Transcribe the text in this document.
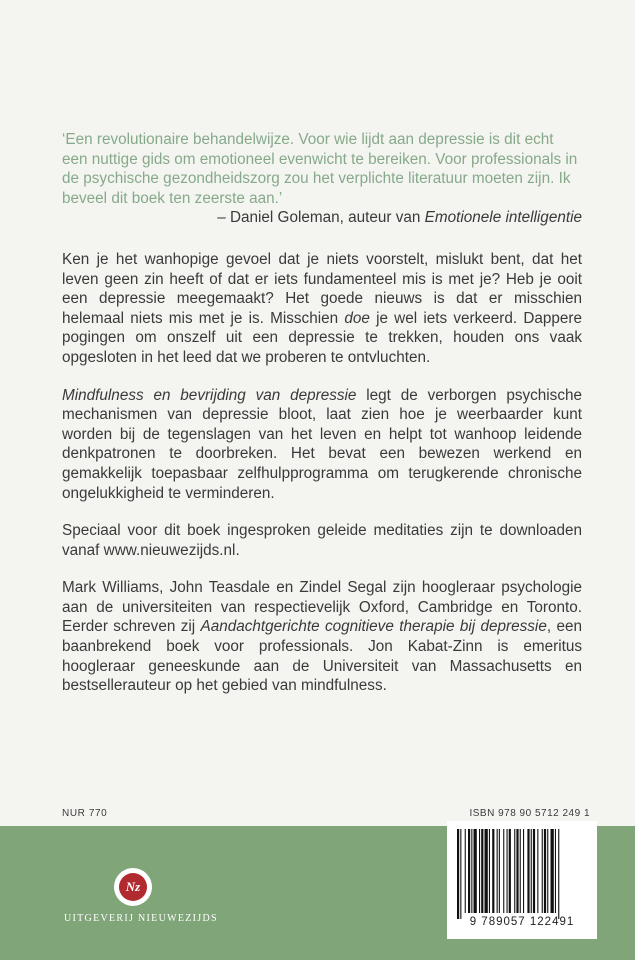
‘Een revolutionaire behandelwijze. Voor wie lijdt aan depressie is dit echt een nuttige gids om emotioneel evenwicht te bereiken. Voor professionals in de psychische gezondheidszorg zou het verplichte literatuur moeten zijn. Ik beveel dit boek ten zeerste aan.’
– Daniel Goleman, auteur van Emotionele intelligentie
Ken je het wanhopige gevoel dat je niets voorstelt, mislukt bent, dat het leven geen zin heeft of dat er iets fundamenteel mis is met je? Heb je ooit een depressie meegemaakt? Het goede nieuws is dat er misschien helemaal niets mis met je is. Misschien doe je wel iets verkeerd. Dappere pogingen om onszelf uit een depressie te trekken, houden ons vaak opgesloten in het leed dat we proberen te ontvluchten.
Mindfulness en bevrijding van depressie legt de verborgen psychische mechanismen van depressie bloot, laat zien hoe je weerbaarder kunt worden bij de tegenslagen van het leven en helpt tot wanhoop leidende denkpatronen te doorbreken. Het bevat een bewezen werkend en gemakkelijk toepasbaar zelfhulpprogramma om terugkerende chronische ongelukkigheid te verminderen.
Speciaal voor dit boek ingesproken geleide meditaties zijn te downloaden vanaf www.nieuwezijds.nl.
Mark Williams, John Teasdale en Zindel Segal zijn hoogleraar psychologie aan de universiteiten van respectievelijk Oxford, Cambridge en Toronto. Eerder schreven zij Aandachtgerichte cognitieve therapie bij depressie, een baanbrekend boek voor professionals. Jon Kabat-Zinn is emeritus hoogleraar geneeskunde aan de Universiteit van Massachusetts en bestsellerauteur op het gebied van mindfulness.
NUR 770	ISBN 978 90 5712 249 1
Nz
UITGEVERIJ NIEUWEZIJDS	9 789057 122491
